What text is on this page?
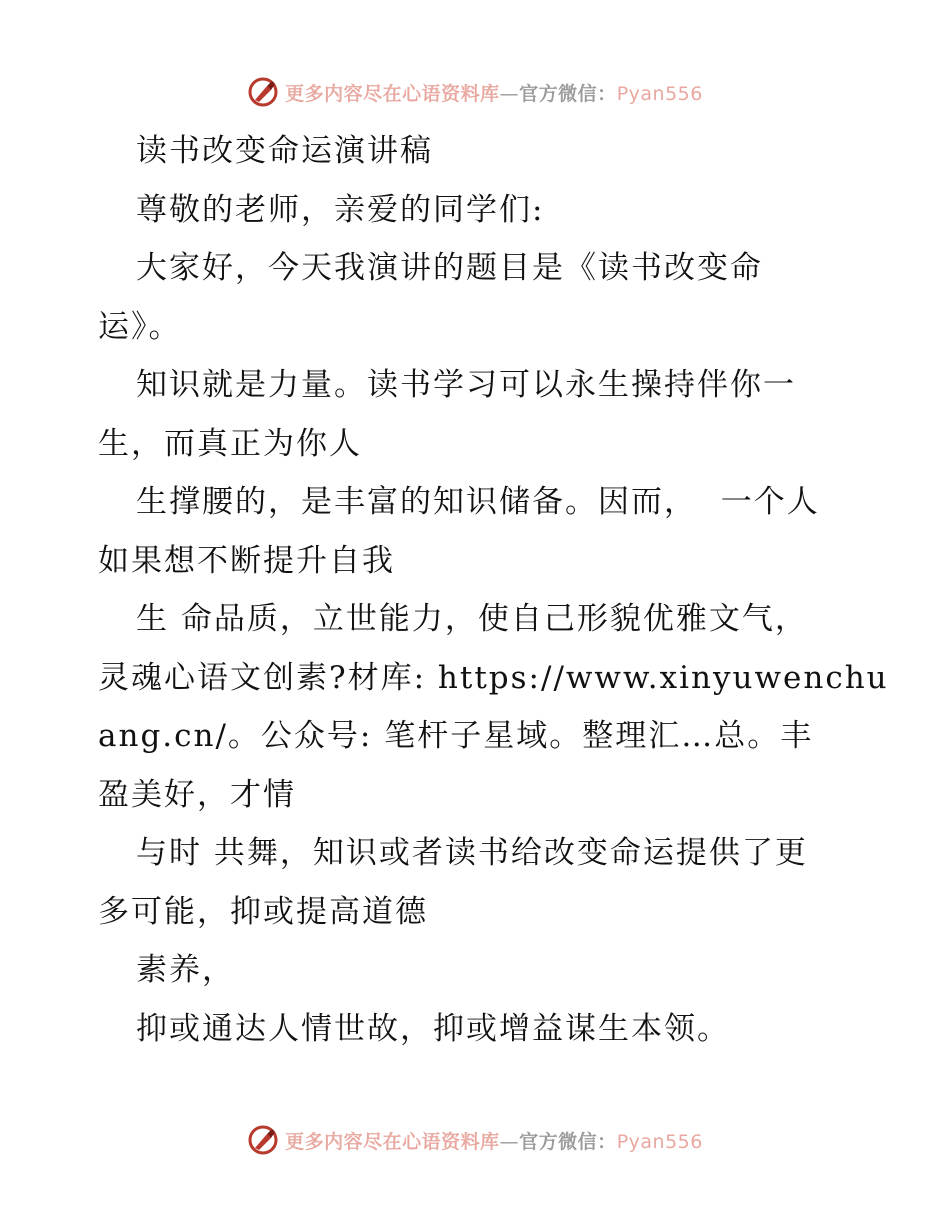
更多内容尽在心语资料库—官方微信：Pyan556
读书改变命运演讲稿
尊敬的老师，亲爱的同学们:
大家好，今天我演讲的题目是《读书改变命
运》。
知识就是力量。读书学习可以永生操持伴你一
生，而真正为你人
生撑腰的，是丰富的知识储备。因而，  一个人
如果想不断提升自我
生 命品质，立世能力，使自己形貌优雅文气，
灵魂心语文创素?材库: https://www.xinyuwenchu
ang.cn/。公众号: 笔杆子星域。整理汇…总。丰
盈美好，才情
与时 共舞，知识或者读书给改变命运提供了更
多可能，抑或提高道德
素养，
抑或通达人情世故，抑或增益谋生本领。
更多内容尽在心语资料库—官方微信：Pyan556
